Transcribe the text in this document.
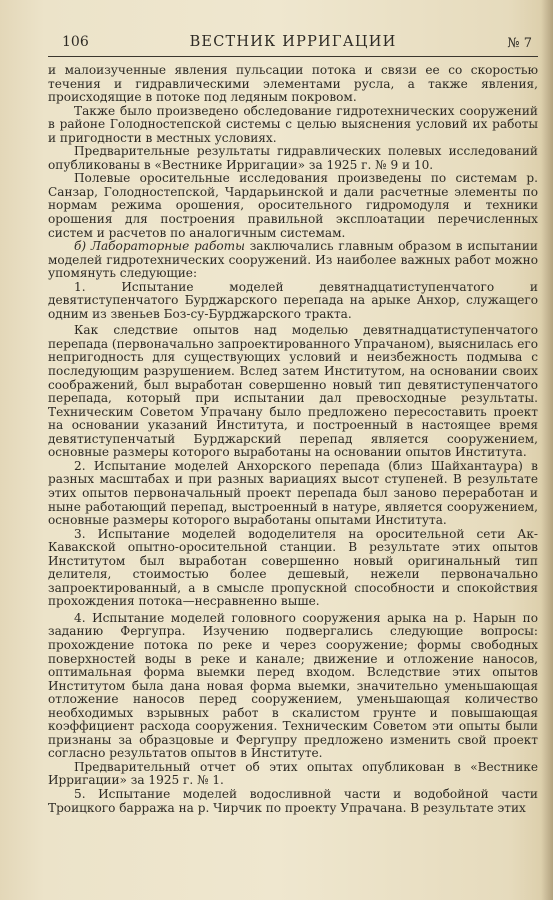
106	ВЕСТНИК ИРРИГАЦИИ	№ 7

и малоизученные явления пульсации потока и связи ее со скоростью течения и гидравлическими элементами русла, а также явления, происходящие в потоке под ледяным покровом.

Также было произведено обследование гидротехнических сооружений в районе Голодностепской системы с целью выяснения условий их работы и пригодности в местных условиях.

Предварительные результаты гидравлических полевых исследований опубликованы в «Вестнике Ирригации» за 1925 г. № 9 и 10.

Полевые оросительные исследования произведены по системам р. Санзар, Голодностепской, Чардарьинской и дали расчетные элементы по нормам режима орошения, оросительного гидромодуля и техники орошения для построения правильной эксплоатации перечисленных систем и расчетов по аналогичным системам.

б) Лабораторные работы заключались главным образом в испытании моделей гидротехнических сооружений. Из наиболее важных работ можно упомянуть следующие:

1. Испытание моделей девятнадцатиступенчатого и девятиступенчатого Бурджарского перепада на арыке Анхор, служащего одним из звеньев Боз-су-Бурджарского тракта.

Как следствие опытов над моделью девятнадцатиступенчатого перепада (первоначально запроектированного Упрачаном), выяснилась его непригодность для существующих условий и неизбежность подмыва с последующим разрушением. Вслед затем Институтом, на основании своих соображений, был выработан совершенно новый тип девятиступенчатого перепада, который при испытании дал превосходные результаты. Техническим Советом Упрачану было предложено пересоставить проект на основании указаний Института, и построенный в настоящее время девятиступенчатый Бурджарский перепад является сооружением, основные размеры которого выработаны на основании опытов Института.

2. Испытание моделей Анхорского перепада (близ Шайхантаура) в разных масштабах и при разных вариациях высот ступеней. В результате этих опытов первоначальный проект перепада был заново переработан и ныне работающий перепад, выстроенный в натуре, является сооружением, основные размеры которого выработаны опытами Института.

3. Испытание моделей вододелителя на оросительной сети Ак-Кавакской опытно-оросительной станции. В результате этих опытов Институтом был выработан совершенно новый оригинальный тип делителя, стоимостью более дешевый, нежели первоначально запроектированный, а в смысле пропускной способности и спокойствия прохождения потока—несравненно выше.

4. Испытание моделей головного сооружения арыка на р. Нарын по заданию Фергупра. Изучению подвергались следующие вопросы: прохождение потока по реке и через сооружение; формы свободных поверхностей воды в реке и канале; движение и отложение наносов, оптимальная форма выемки перед входом. Вследствие этих опытов Институтом была дана новая форма выемки, значительно уменьшающая отложение наносов перед сооружением, уменьшающая количество необходимых взрывных работ в скалистом грунте и повышающая коэффициент расхода сооружения. Техническим Советом эти опыты были признаны за образцовые и Фергупру предложено изменить свой проект согласно результатов опытов в Институте.

Предварительный отчет об этих опытах опубликован в «Вестнике Ирригации» за 1925 г. № 1.

5. Испытание моделей водосливной части и водобойной части Троицкого барража на р. Чирчик по проекту Упрачана. В результате этих
